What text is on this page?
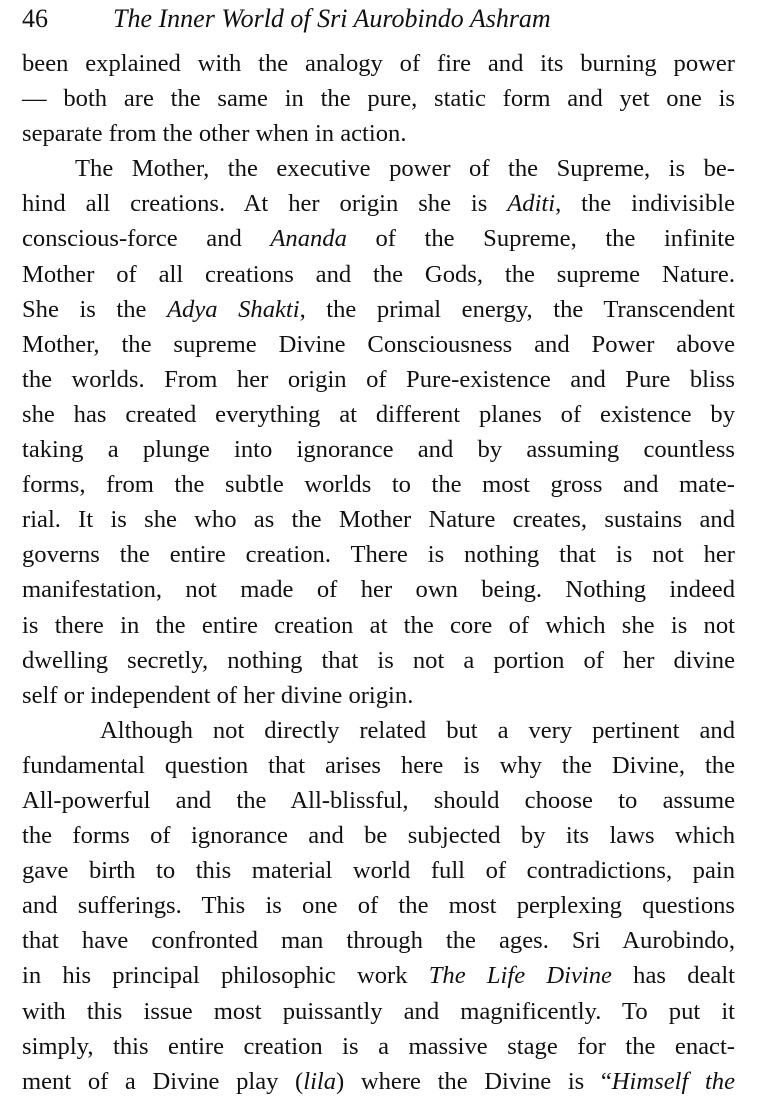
46	The Inner World of Sri Aurobindo Ashram
been explained with the analogy of fire and its burning power
— both are the same in the pure, static form and yet one is
separate from the other when in action.
The Mother, the executive power of the Supreme, is be-
hind all creations. At her origin she is Aditi, the indivisible
conscious-force and Ananda of the Supreme, the infinite
Mother of all creations and the Gods, the supreme Nature.
She is the Adya Shakti, the primal energy, the Transcendent
Mother, the supreme Divine Consciousness and Power above
the worlds. From her origin of Pure-existence and Pure bliss
she has created everything at different planes of existence by
taking a plunge into ignorance and by assuming countless
forms, from the subtle worlds to the most gross and mate-
rial. It is she who as the Mother Nature creates, sustains and
governs the entire creation. There is nothing that is not her
manifestation, not made of her own being. Nothing indeed
is there in the entire creation at the core of which she is not
dwelling secretly, nothing that is not a portion of her divine
self or independent of her divine origin.
Although not directly related but a very pertinent and
fundamental question that arises here is why the Divine, the
All-powerful and the All-blissful, should choose to assume
the forms of ignorance and be subjected by its laws which
gave birth to this material world full of contradictions, pain
and sufferings. This is one of the most perplexing questions
that have confronted man through the ages. Sri Aurobindo,
in his principal philosophic work The Life Divine has dealt
with this issue most puissantly and magnificently. To put it
simply, this entire creation is a massive stage for the enact-
ment of a Divine play (lila) where the Divine is “Himself the
